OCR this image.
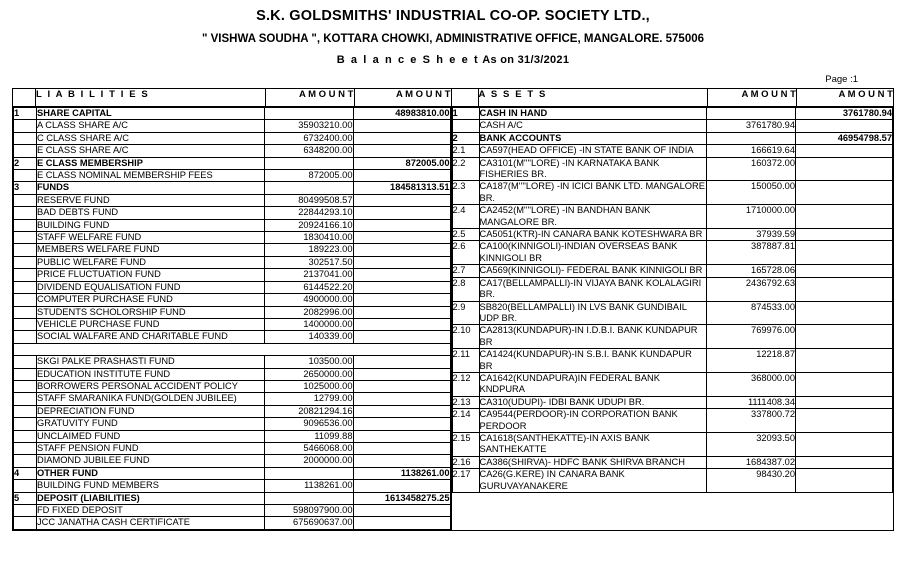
S.K. GOLDSMITHS' INDUSTRIAL CO-OP. SOCIETY LTD.,
" VISHWA SOUDHA ", KOTTARA CHOWKI, ADMINISTRATIVE OFFICE, MANGALORE. 575006
B a l a n c e S h e e t As on 31/3/2021
Page :1
	L I A B I L I T I E S	A M O U N T	A M O U N T		A S S E T S	A M O U N T	A M O U N T

1	SHARE CAPITAL		48983810.00
	A CLASS SHARE A/C	35903210.00	
	C CLASS SHARE A/C	6732400.00	
	E CLASS SHARE A/C	6348200.00	
2	E CLASS MEMBERSHIP		872005.00
	E CLASS NOMINAL MEMBERSHIP FEES	872005.00	
3	FUNDS		184581313.51
	RESERVE FUND	80499508.57	
	BAD DEBTS FUND	22844293.10	
	BUILDING FUND	20924166.10	
	STAFF WELFARE FUND	1830410.00	
	MEMBERS WELFARE FUND	189223.00	
	PUBLIC WELFARE FUND	302517.50	
	PRICE FLUCTUATION FUND	2137041.00	
	DIVIDEND EQUALISATION FUND	6144522.20	
	COMPUTER PURCHASE FUND	4900000.00	
	STUDENTS SCHOLORSHIP FUND	2082996.00	
	VEHICLE PURCHASE FUND	1400000.00	
	SOCIAL WALFARE AND CHARITABLE FUND	140339.00	

	SKGI PALKE PRASHASTI FUND	103500.00	
	EDUCATION INSTITUTE FUND	2650000.00	
	BORROWERS PERSONAL ACCIDENT POLICY	1025000.00	
	STAFF SMARANIKA FUND(GOLDEN JUBILEE)	12799.00	
	DEPRECIATION FUND	20821294.16	
	GRATUVITY FUND	9096536.00	
	UNCLAIMED FUND	11099.88	
	STAFF PENSION FUND	5466068.00	
	DIAMOND JUBILEE FUND	2000000.00	
4	OTHER FUND		1138261.00
	BUILDING FUND MEMBERS	1138261.00	
5	DEPOSIT (LIABILITIES)		1613458275.25
	FD FIXED DEPOSIT	598097900.00	
	JCC JANATHA CASH CERTIFICATE	675690637.00	

1	CASH IN HAND		3761780.94
	CASH A/C	3761780.94	
2	BANK ACCOUNTS		46954798.57
2.1	CA597(HEAD OFFICE) -IN STATE BANK OF INDIA	166619.64	
2.2	CA3101(M''''LORE) -IN KARNATAKA BANK FISHERIES BR.	160372.00	
2.3	CA187(M''''LORE) -IN ICICI BANK LTD. MANGALORE BR.	150050.00	
2.4	CA2452(M''''LORE) -IN BANDHAN BANK MANGALORE BR.	1710000.00	
2.5	CA5051(KTR)-IN CANARA BANK KOTESHWARA BR	37939.59	
2.6	CA100(KINNIGOLI)-INDIAN OVERSEAS BANK KINNIGOLI BR	387887.81	
2.7	CA569(KINNIGOLI)- FEDERAL BANK KINNIGOLI BR	165728.06	
2.8	CA17(BELLAMPALLI)-IN VIJAYA BANK KOLALAGIRI BR.	2436792.63	
2.9	SB820(BELLAMPALLI) IN LVS BANK GUNDIBAIL UDP BR.	874533.00	
2.10	CA2813(KUNDAPUR)-IN I.D.B.I. BANK KUNDAPUR BR	769976.00	
2.11	CA1424(KUNDAPUR)-IN S.B.I. BANK KUNDAPUR BR	12218.87	
2.12	CA1642(KUNDAPURA)IN FEDERAL BANK KNDPURA	368000.00	
2.13	CA310(UDUPI)- IDBI BANK UDUPI BR.	1111408.34	
2.14	CA9544(PERDOOR)-IN CORPORATION BANK PERDOOR	337800.72	
2.15	CA1618(SANTHEKATTE)-IN AXIS BANK SANTHEKATTE	32093.50	
2.16	CA386(SHIRVA)- HDFC BANK SHIRVA BRANCH	1684387.02	
2.17	CA26(G.KERE) IN CANARA BANK GURUVAYANAKERE	98430.20	
